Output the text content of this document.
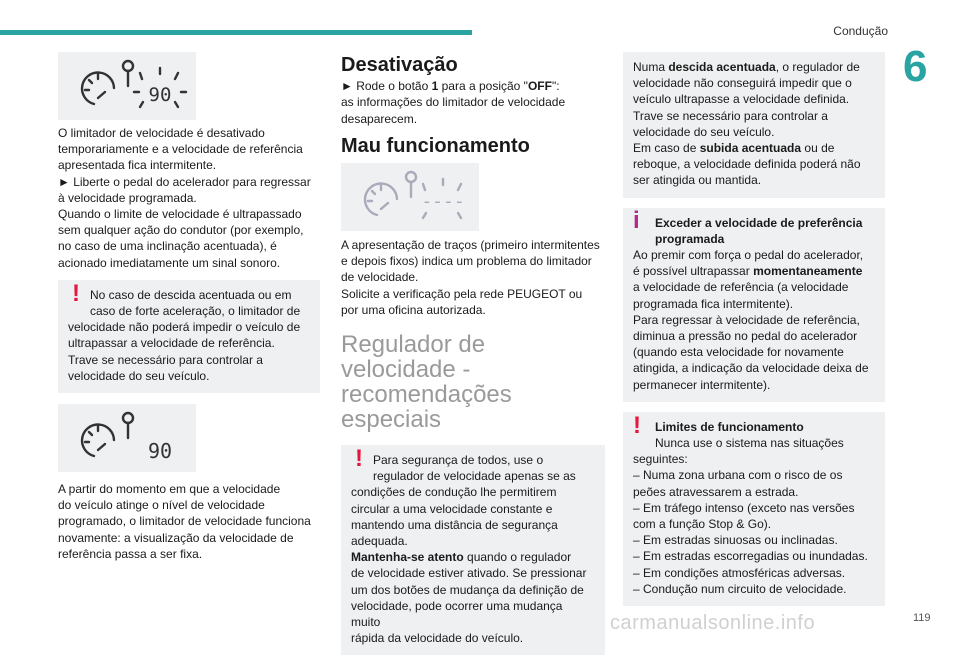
Condução
6
90

O limitador de velocidade é desativado

temporariamente e a velocidade de referência

apresentada fica intermitente.

► Liberte o pedal do acelerador para regressar

à velocidade programada.

Quando o limite de velocidade é ultrapassado

sem qualquer ação do condutor (por exemplo,

no caso de uma inclinação acentuada), é

acionado imediatamente um sinal sonoro.

! No caso de descida acentuada ou em

caso de forte aceleração, o limitador de

velocidade não poderá impedir o veículo de

ultrapassar a velocidade de referência.

Trave se necessário para controlar a

velocidade do seu veículo.

90

A partir do momento em que a velocidade

do veículo atinge o nível de velocidade

programado, o limitador de velocidade funciona

novamente: a visualização da velocidade de

referência passa a ser fixa.

Desativação

► Rode o botão 1 para a posição "OFF":

as informações do limitador de velocidade

desaparecem.

Mau funcionamento
----

A apresentação de traços (primeiro intermitentes

e depois fixos) indica um problema do limitador

de velocidade.

Solicite a verificação pela rede PEUGEOT ou

por uma oficina autorizada.

Regulador de velocidade -
recomendações especiais
! Para segurança de todos, use o

regulador de velocidade apenas se as

condições de condução lhe permitirem

circular a uma velocidade constante e

mantendo uma distância de segurança

adequada.

Mantenha-se atento quando o regulador

de velocidade estiver ativado. Se pressionar

um dos botões de mudança da definição de

velocidade, pode ocorrer uma mudança muito

rápida da velocidade do veículo.

Numa descida acentuada, o regulador de

velocidade não conseguirá impedir que o

veículo ultrapasse a velocidade definida.

Trave se necessário para controlar a

velocidade do seu veículo.

Em caso de subida acentuada ou de

reboque, a velocidade definida poderá não

ser atingida ou mantida.

i	Exceder a velocidade de preferência

programada

Ao premir com força o pedal do acelerador,

é possível ultrapassar momentaneamente

a velocidade de referência (a velocidade

programada fica intermitente).

Para regressar à velocidade de referência,

diminua a pressão no pedal do acelerador

(quando esta velocidade for novamente

atingida, a indicação da velocidade deixa de

permanecer intermitente).

!	Limites de funcionamento

Nunca use o sistema nas situações

seguintes:

– Numa zona urbana com o risco de os

peões atravessarem a estrada.

– Em tráfego intenso (exceto nas versões

com a função Stop & Go).

– Em estradas sinuosas ou inclinadas.

– Em estradas escorregadias ou inundadas.

– Em condições atmosféricas adversas.

– Condução num circuito de velocidade.

carmanualsonline.info	119
